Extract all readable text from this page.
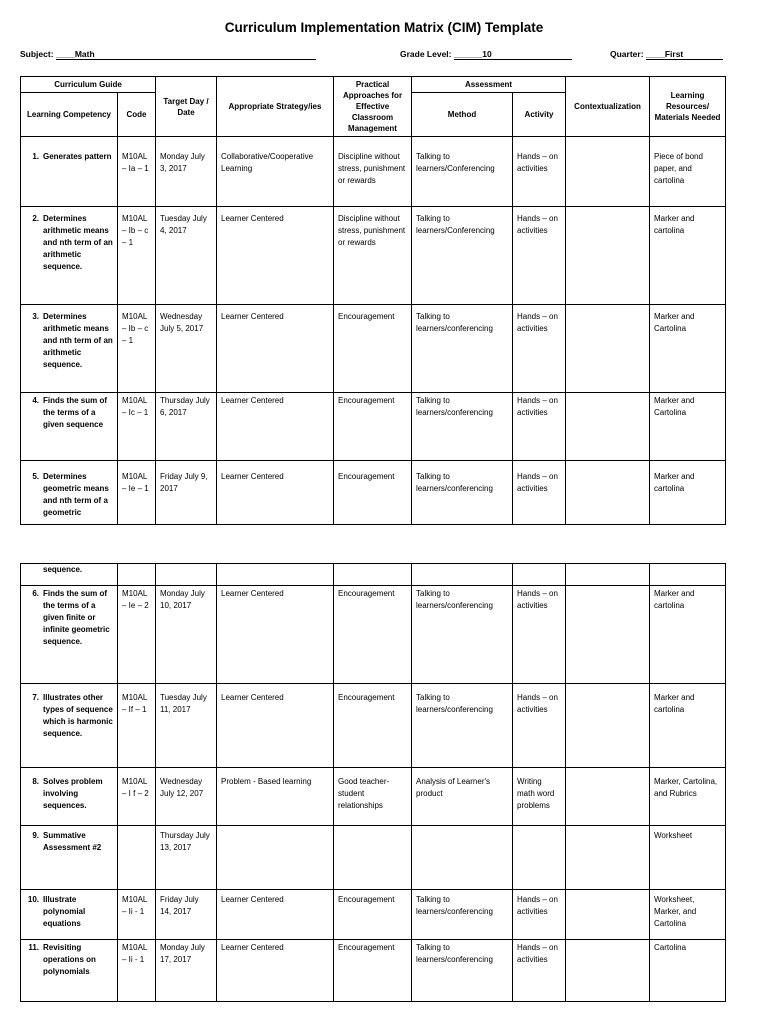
Curriculum Implementation Matrix (CIM) Template
Subject: ____Math	Grade Level: ______10	Quarter: ____First
Curriculum Guide		Target Day / Date	Appropriate Strategy/ies	Practical Approaches for Effective Classroom Management	Assessment		Contextualization	Learning Resources/ Materials Needed
Learning Competency	Code				Method	Activity		

1. Generates pattern	M10AL – Ia – 1	Monday July 3, 2017	Collaborative/Cooperative Learning	Discipline without stress, punishment or rewards	Talking to learners/Conferencing	Hands – on activities		Piece of bond paper, and cartolina

2. Determines arithmetic means and nth term of an arithmetic sequence.	M10AL – Ib – c – 1	Tuesday July 4, 2017	Learner Centered	Discipline without stress, punishment or rewards	Talking to learners/Conferencing	Hands – on activities		Marker and cartolina

3. Determines arithmetic means and nth term of an arithmetic sequence.	M10AL – Ib – c – 1	Wednesday July 5, 2017	Learner Centered	Encouragement	Talking to learners/conferencing	Hands – on activities		Marker and Cartolina

4. Finds the sum of the terms of a given sequence	M10AL – Ic – 1	Thursday July 6, 2017	Learner Centered	Encouragement	Talking to learners/conferencing	Hands – on activities		Marker and Cartolina

5. Determines geometric means and nth term of a geometric	M10AL – Ie – 1	Friday July 9, 2017	Learner Centered	Encouragement	Talking to learners/conferencing	Hands – on activities		Marker and cartolina
sequence.								

6. Finds the sum of the terms of a given finite or infinite geometric sequence.	M10AL – Ie – 2	Monday July 10, 2017	Learner Centered	Encouragement	Talking to learners/conferencing	Hands – on activities		Marker and cartolina

7. Illustrates other types of sequence which is harmonic sequence.	M10AL – If – 1	Tuesday July 11, 2017	Learner Centered	Encouragement	Talking to learners/conferencing	Hands – on activities		Marker and cartolina

8. Solves problem involving sequences.	M10AL – I f – 2	Wednesday July 12, 207	Problem - Based learning	Good teacher-student relationships	Analysis of Learner's product	Writing math word problems		Marker, Cartolina, and Rubrics

9. Summative Assessment #2		Thursday July 13, 2017						Worksheet

10. Illustrate polynomial equations	M10AL – Ii - 1	Friday July 14, 2017	Learner Centered	Encouragement	Talking to learners/conferencing	Hands – on activities		Worksheet, Marker, and Cartolina

11. Revisiting operations on polynomials	M10AL – Ii - 1	Monday July 17, 2017	Learner Centered	Encouragement	Talking to learners/conferencing	Hands – on activities		Cartolina
